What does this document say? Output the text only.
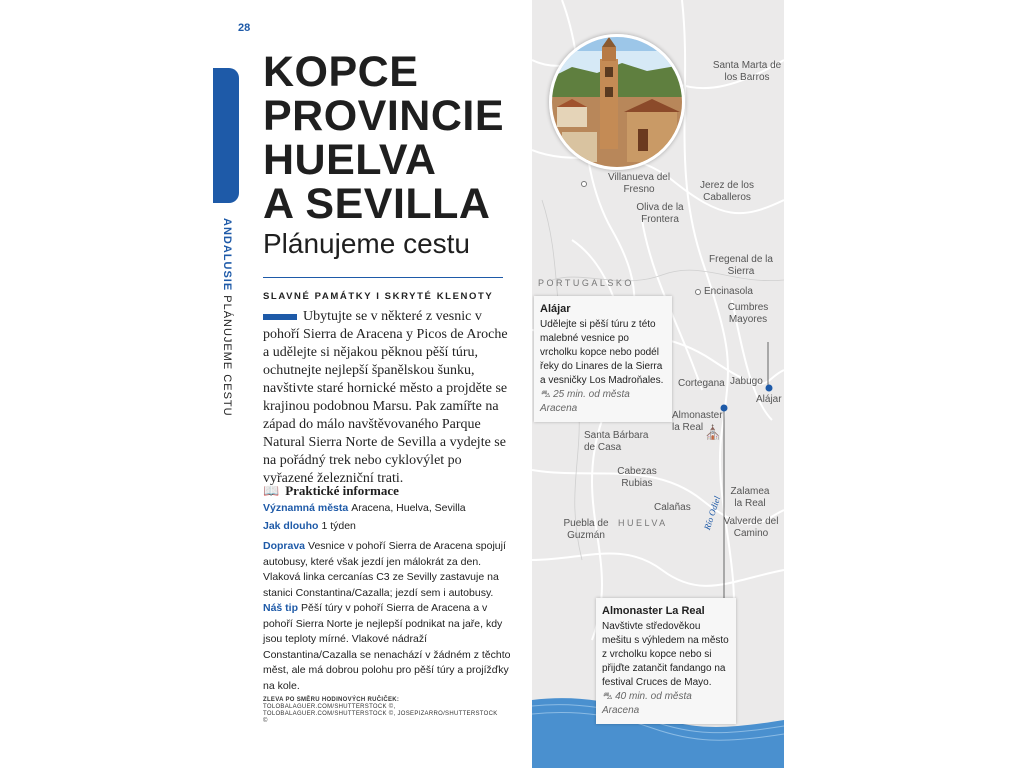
28
ANDALUSIE PLÁNUJEME CESTU
KOPCE
PROVINCIE
HUELVA
A SEVILLA
Plánujeme cestu
SLAVNÉ PAMÁTKY I SKRYTÉ KLENOTY
Ubytujte se v některé z vesnic v pohoří Sierra de Aracena y Picos de Aroche a udělejte si nějakou pěknou pěší túru, ochutnejte nejlepší španělskou šunku, navštivte staré hornické město a projděte se krajinou podobnou Marsu. Pak zamířte na západ do málo navštěvovaného Parque Natural Sierra Norte de Sevilla a vydejte se na pořádný trek nebo cyklovýlet po vyřazené železniční trati.
📖 Praktické informace
Významná města Aracena, Huelva, Sevilla
Jak dlouho 1 týden
Doprava Vesnice v pohoří Sierra de Aracena spojují autobusy, které však jezdí jen málokrát za den. Vlaková linka cercanías C3 ze Sevilly zastavuje na stanici Constantina/Cazalla; jezdí sem i autobusy.
Náš tip Pěší túry v pohoří Sierra de Aracena a v pohoří Sierra Norte je nejlepší podnikat na jaře, kdy jsou teploty mírné. Vlakové nádraží Constantina/Cazalla se nenachází v žádném z těchto měst, ale má dobrou polohu pro pěší túry a projížďky na kole.
ZLEVA PO SMĚRU HODINOVÝCH RUČIČEK: TOLOBALAGUER.COM/SHUTTERSTOCK ©, TOLOBALAGUER.COM/SHUTTERSTOCK ©, JOSEPIZARRO/SHUTTERSTOCK ©
Santa Marta de los Barros
Villanueva del Fresno	Jerez de los Caballeros
Oliva de la Frontera
Fregenal de la Sierra
PORTUGALSKO
Encinasola
Cumbres Mayores
Cortegana Jabugo
Alájar
Almonaster la Real ⛪
Santa Bárbara de Casa
Cabezas Rubias
Calañas Río Odiel
Zalamea la Real
HUELVA	Valverde del Camino
Puebla de Guzmán
Alájar
Udělejte si pěší túru z této malebné vesnice po vrcholku kopce nebo podél řeky do Linares de la Sierra a vesničky Los Madroňales.
⛍ 25 min. od města Aracena
Almonaster La Real
Navštivte středověkou mešitu s výhledem na město z vrcholku kopce nebo si přijďte zatančit fandango na festival Cruces de Mayo.
⛍ 40 min. od města Aracena
